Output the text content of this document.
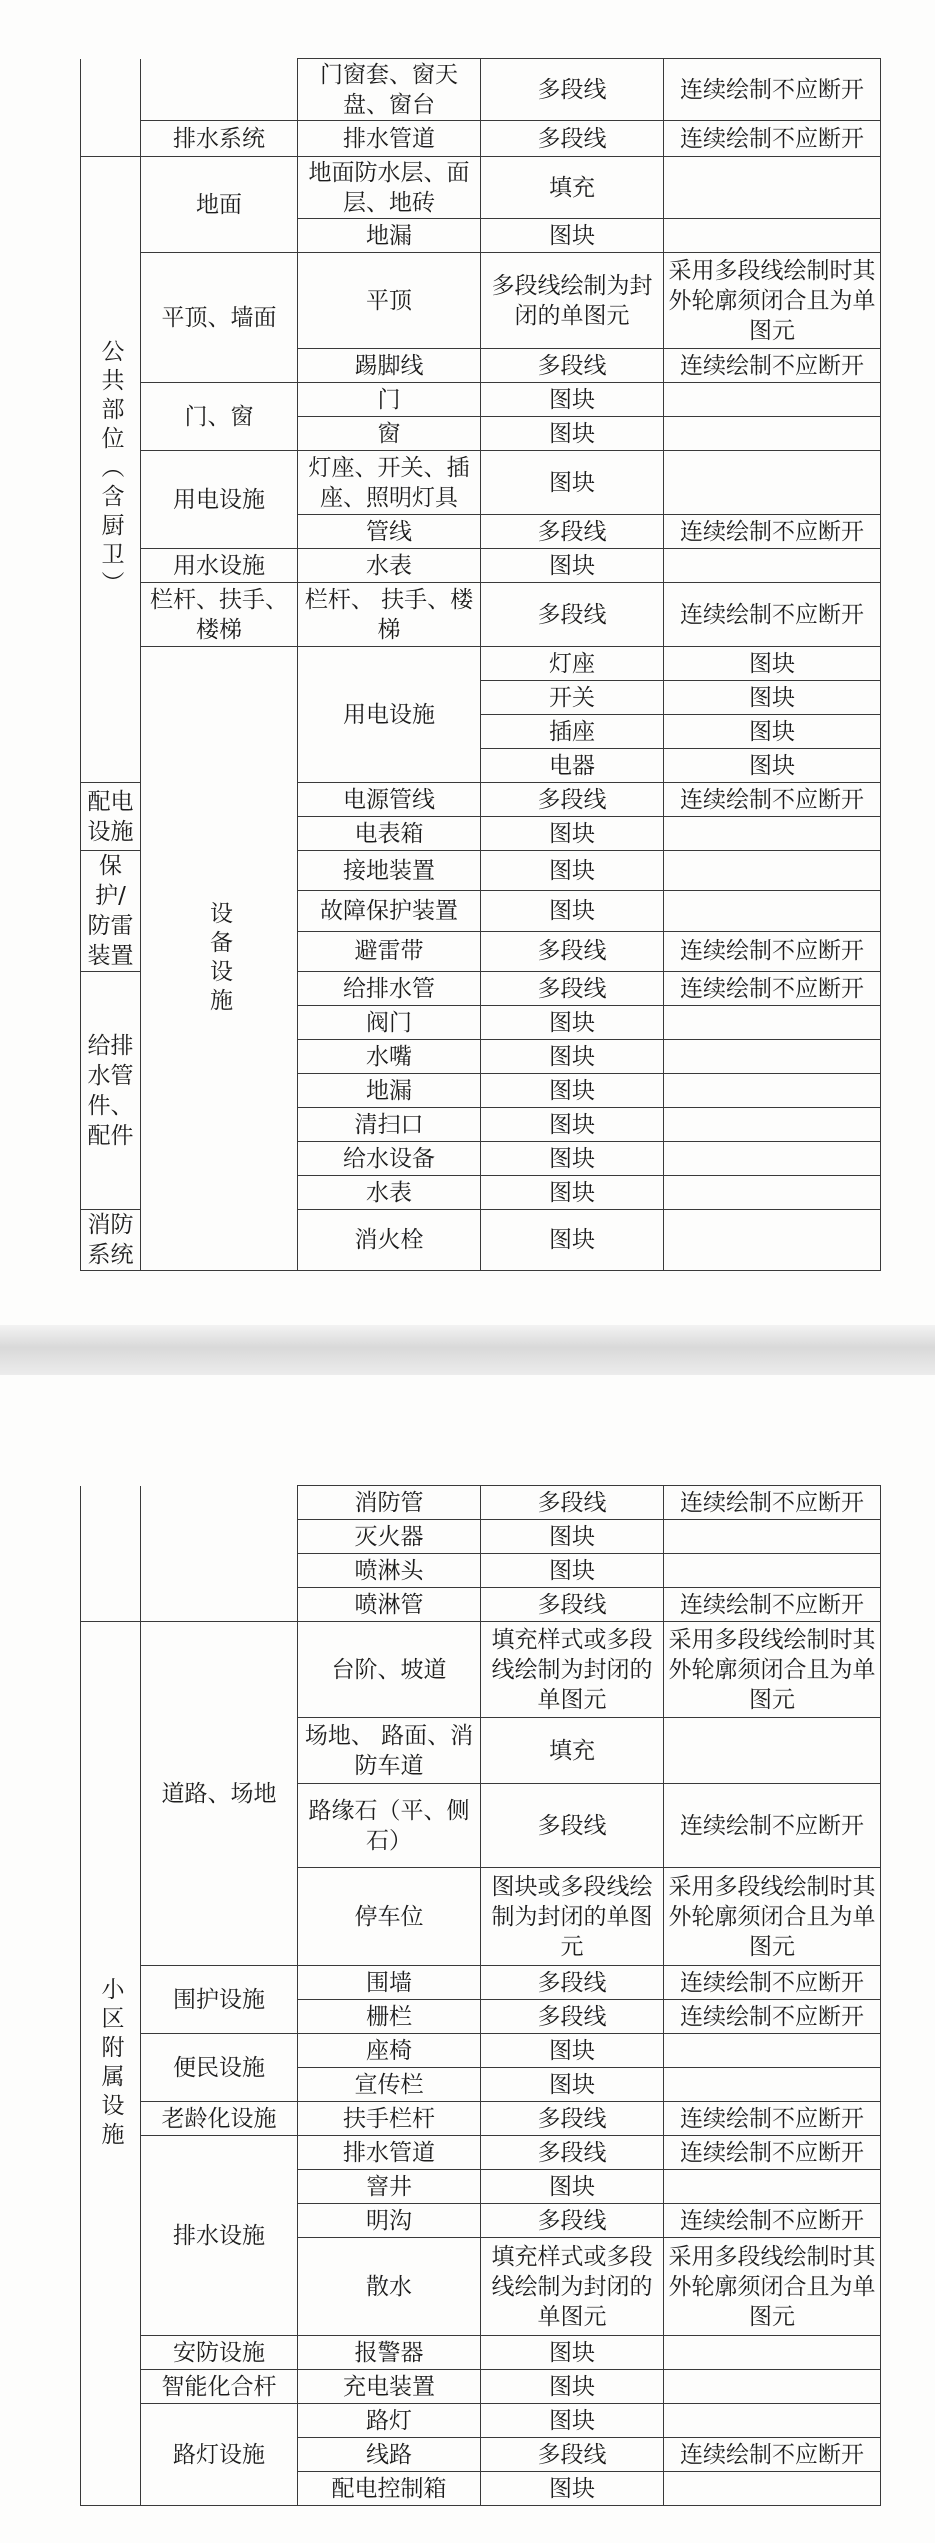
		门窗套、窗天盘、窗台	多段线	连续绘制不应断开	
	排水系统	排水管道	多段线	连续绘制不应断开	
公共部位（含厨卫）	地面	地面防水层、面层、地砖	填充		
		地漏	图块		
	平顶、墙面	平顶	多段线绘制为封闭的单图元	采用多段线绘制时其外轮廓须闭合且为单图元	
		踢脚线	多段线	连续绘制不应断开	
	门、窗	门	图块		
		窗	图块		
	用电设施	灯座、开关、插座、照明灯具	图块		
		管线	多段线	连续绘制不应断开	
	用水设施	水表	图块		
	栏杆、扶手、楼梯	栏杆、 扶手、楼梯	多段线	连续绘制不应断开	
	设备设施	用电设施	灯座	图块	
			开关	图块	
			插座	图块	
			电器	图块	
配电设施		电源管线	多段线	连续绘制不应断开	
		电表箱	图块		
保护/防雷装置		接地装置	图块		
		故障保护装置	图块		
		避雷带	多段线	连续绘制不应断开	
给排水管件、配件		给排水管	多段线	连续绘制不应断开	
		阀门	图块		
		水嘴	图块		
		地漏	图块		
		清扫口	图块		
		给水设备	图块		
		水表	图块		
消防系统		消火栓	图块		
		消防管	多段线	连续绘制不应断开
		灭火器	图块	
		喷淋头	图块	
		喷淋管	多段线	连续绘制不应断开
小区附属设施	道路、场地	台阶、坡道	填充样式或多段线绘制为封闭的单图元	采用多段线绘制时其外轮廓须闭合且为单图元
		场地、 路面、消防车道	填充	
		路缘石（平、侧石）	多段线	连续绘制不应断开
		停车位	图块或多段线绘制为封闭的单图元	采用多段线绘制时其外轮廓须闭合且为单图元
	围护设施	围墙	多段线	连续绘制不应断开
		栅栏	多段线	连续绘制不应断开
	便民设施	座椅	图块	
		宣传栏	图块	
	老龄化设施	扶手栏杆	多段线	连续绘制不应断开
	排水设施	排水管道	多段线	连续绘制不应断开
		窨井	图块	
		明沟	多段线	连续绘制不应断开
		散水	填充样式或多段线绘制为封闭的单图元	采用多段线绘制时其外轮廓须闭合且为单图元
	安防设施	报警器	图块	
	智能化合杆	充电装置	图块	
	路灯设施	路灯	图块	
		线路	多段线	连续绘制不应断开
		配电控制箱	图块	
